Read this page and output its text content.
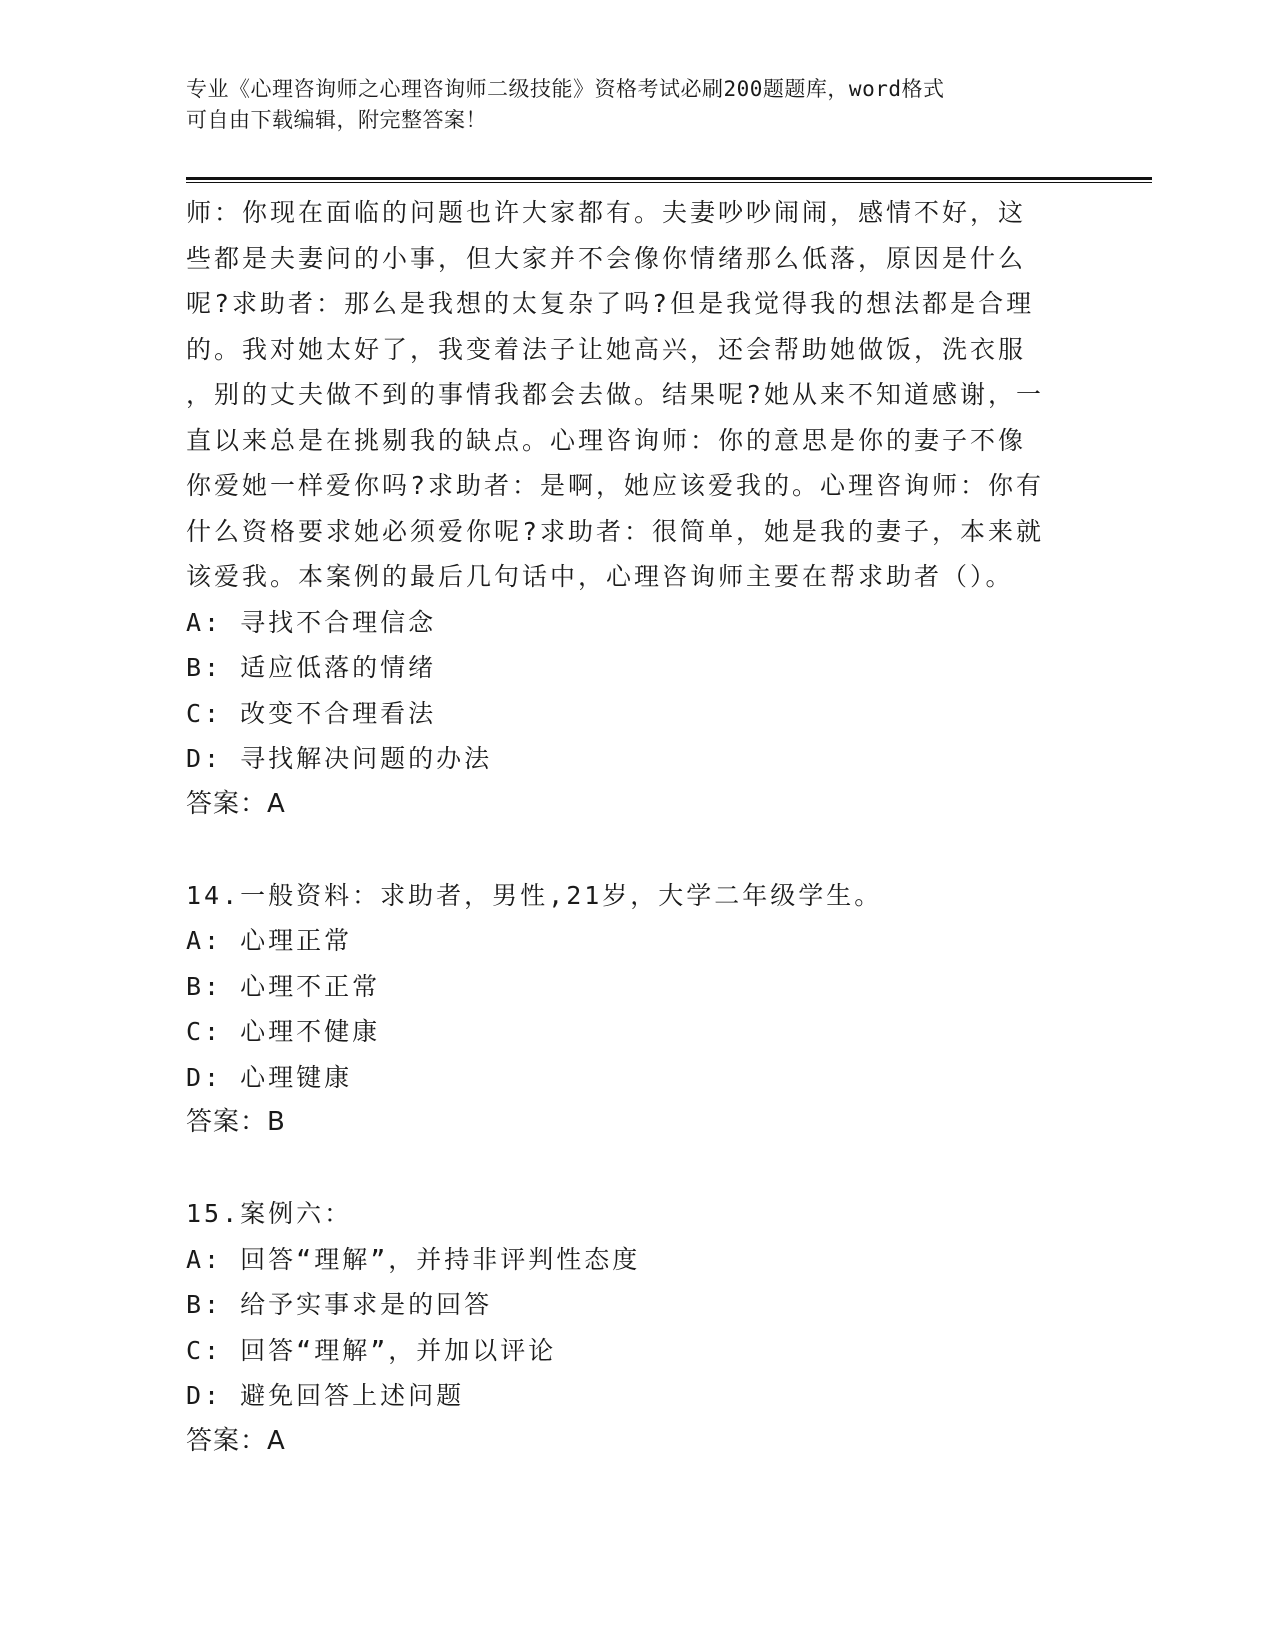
专业《心理咨询师之心理咨询师二级技能》资格考试必刷200题题库，word格式
可自由下载编辑，附完整答案！
师：你现在面临的问题也许大家都有。夫妻吵吵闹闹，感情不好，这
些都是夫妻问的小事，但大家并不会像你情绪那么低落，原因是什么
呢?求助者：那么是我想的太复杂了吗?但是我觉得我的想法都是合理
的。我对她太好了，我变着法子让她高兴，还会帮助她做饭，洗衣服
，别的丈夫做不到的事情我都会去做。结果呢?她从来不知道感谢，一
直以来总是在挑剔我的缺点。心理咨询师：你的意思是你的妻子不像
你爱她一样爱你吗?求助者：是啊，她应该爱我的。心理咨询师：你有
什么资格要求她必须爱你呢?求助者：很简单，她是我的妻子，本来就
该爱我。本案例的最后几句话中，心理咨询师主要在帮求助者（）。
A: 寻找不合理信念
B: 适应低落的情绪
C: 改变不合理看法
D: 寻找解决问题的办法
答案：A
14.一般资料：求助者，男性,21岁，大学二年级学生。
A: 心理正常
B: 心理不正常
C: 心理不健康
D: 心理键康
答案：B
15.案例六：
A: 回答“理解”，并持非评判性态度
B: 给予实事求是的回答
C: 回答“理解”，并加以评论
D: 避免回答上述问题
答案：A
